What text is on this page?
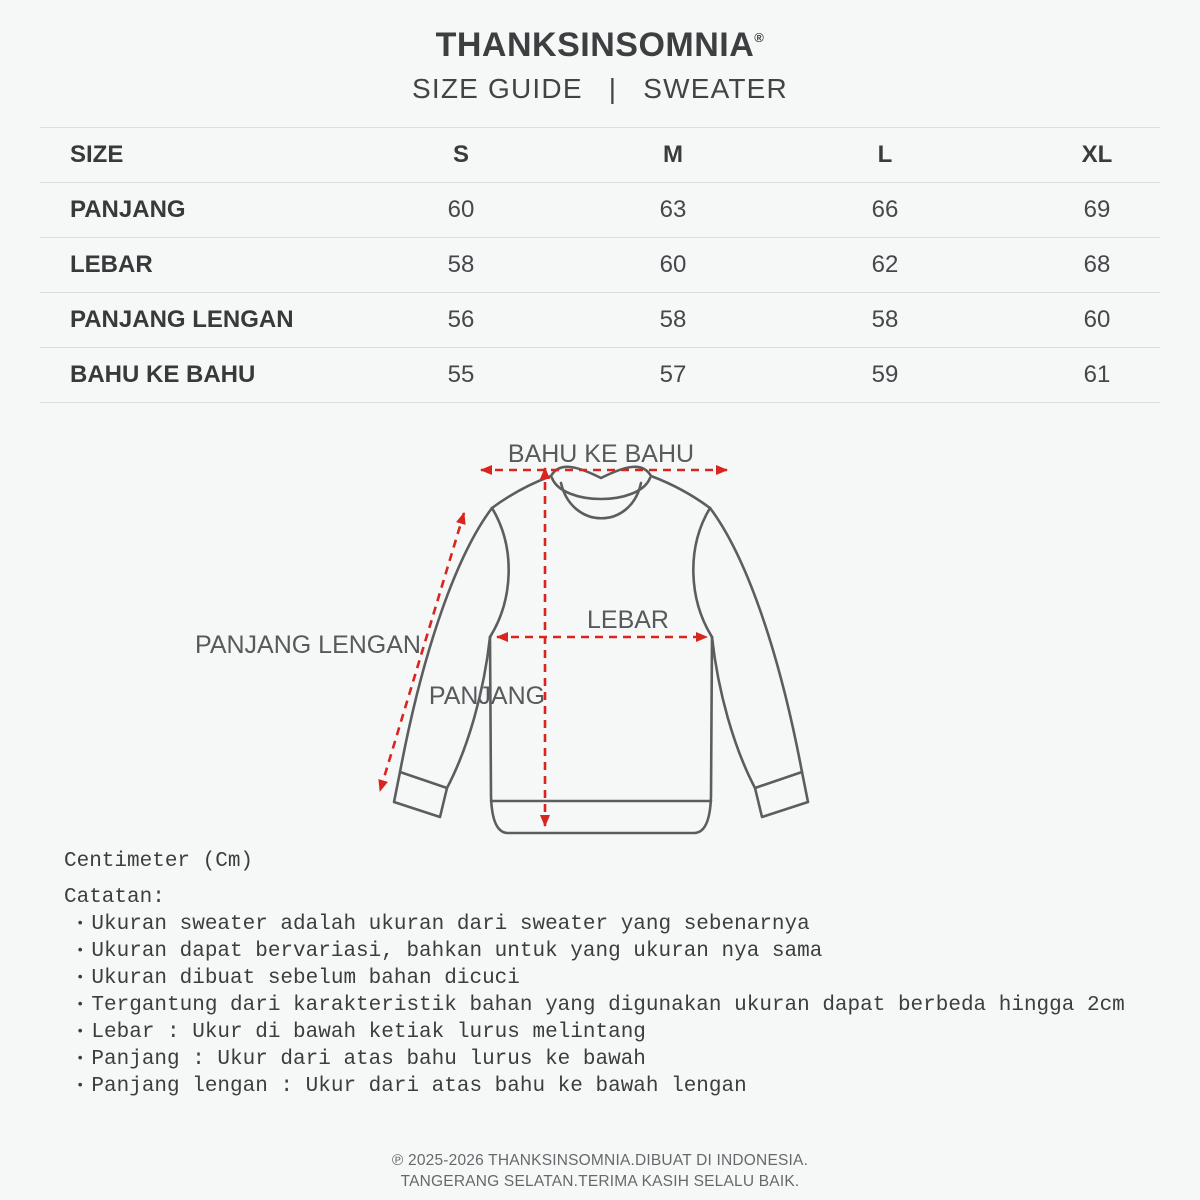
THANKSINSOMNIA®
SIZE GUIDE | SWEATER
SIZE	S	M	L	XL
PANJANG	60	63	66	69
LEBAR	58	60	62	68
PANJANG LENGAN	56	58	58	60
BAHU KE BAHU	55	57	59	61
BAHU KE BAHU
PANJANG LENGAN
LEBAR
PANJANG
Centimeter (Cm)
Catatan:
• Ukuran sweater adalah ukuran dari sweater yang sebenarnya
• Ukuran dapat bervariasi, bahkan untuk yang ukuran nya sama
• Ukuran dibuat sebelum bahan dicuci
• Tergantung dari karakteristik bahan yang digunakan ukuran dapat berbeda hingga 2cm
• Lebar : Ukur di bawah ketiak lurus melintang
• Panjang : Ukur dari atas bahu lurus ke bawah
• Panjang lengan : Ukur dari atas bahu ke bawah lengan
℗ 2025-2026 THANKSINSOMNIA.DIBUAT DI INDONESIA.
TANGERANG SELATAN.TERIMA KASIH SELALU BAIK.
